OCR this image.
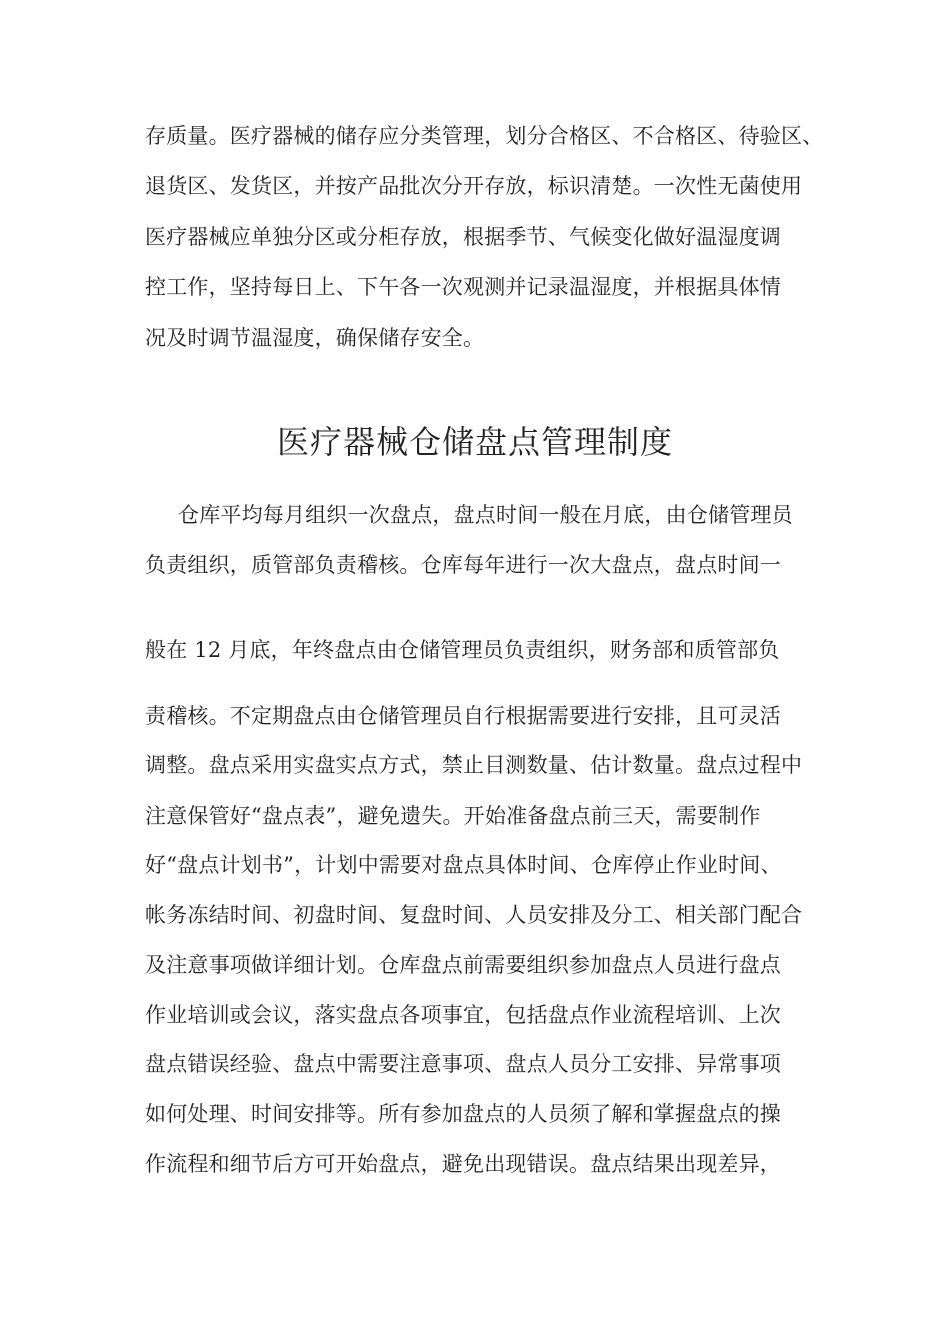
存质量。医疗器械的储存应分类管理，划分合格区、不合格区、待验区、
退货区、发货区，并按产品批次分开存放，标识清楚。一次性无菌使用
医疗器械应单独分区或分柜存放，根据季节、气候变化做好温湿度调
控工作，坚持每日上、下午各一次观测并记录温湿度，并根据具体情
况及时调节温湿度，确保储存安全。
医疗器械仓储盘点管理制度
仓库平均每月组织一次盘点，盘点时间一般在月底，由仓储管理员
负责组织，质管部负责稽核。仓库每年进行一次大盘点，盘点时间一
般在 12 月底，年终盘点由仓储管理员负责组织，财务部和质管部负
责稽核。不定期盘点由仓储管理员自行根据需要进行安排，且可灵活
调整。盘点采用实盘实点方式，禁止目测数量、估计数量。盘点过程中
注意保管好“盘点表”，避免遗失。开始准备盘点前三天，需要制作
好“盘点计划书”，计划中需要对盘点具体时间、仓库停止作业时间、
帐务冻结时间、初盘时间、复盘时间、人员安排及分工、相关部门配合
及注意事项做详细计划。仓库盘点前需要组织参加盘点人员进行盘点
作业培训或会议，落实盘点各项事宜，包括盘点作业流程培训、上次
盘点错误经验、盘点中需要注意事项、盘点人员分工安排、异常事项
如何处理、时间安排等。所有参加盘点的人员须了解和掌握盘点的操
作流程和细节后方可开始盘点，避免出现错误。盘点结果出现差异，
